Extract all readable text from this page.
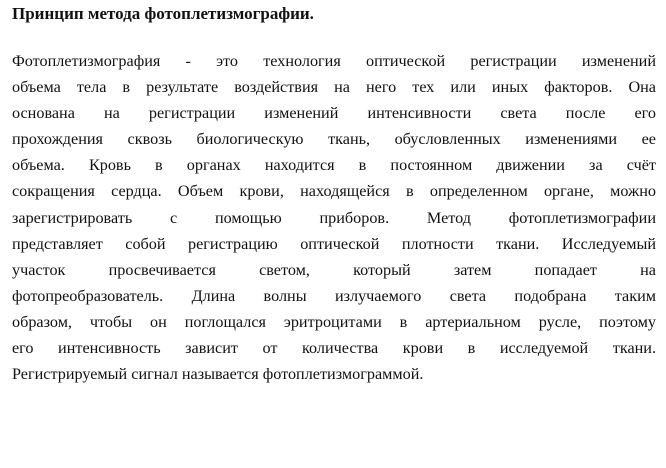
Принцип метода фотоплетизмографии.
Фотоплетизмография - это технология оптической регистрации изменений
объема тела в результате воздействия на него тех или иных факторов. Она
основана на регистрации изменений интенсивности света после его
прохождения сквозь биологическую ткань, обусловленных изменениями ее
объема. Кровь в органах находится в постоянном движении за счёт
сокращения сердца. Объем крови, находящейся в определенном органе, можно
зарегистрировать с помощью приборов. Метод фотоплетизмографии
представляет собой регистрацию оптической плотности ткани. Исследуемый
участок просвечивается светом, который затем попадает на
фотопреобразователь. Длина волны излучаемого света подобрана таким
образом, чтобы он поглощался эритроцитами в артериальном русле, поэтому
его интенсивность зависит от количества крови в исследуемой ткани.
Регистрируемый сигнал называется фотоплетизмограммой.
